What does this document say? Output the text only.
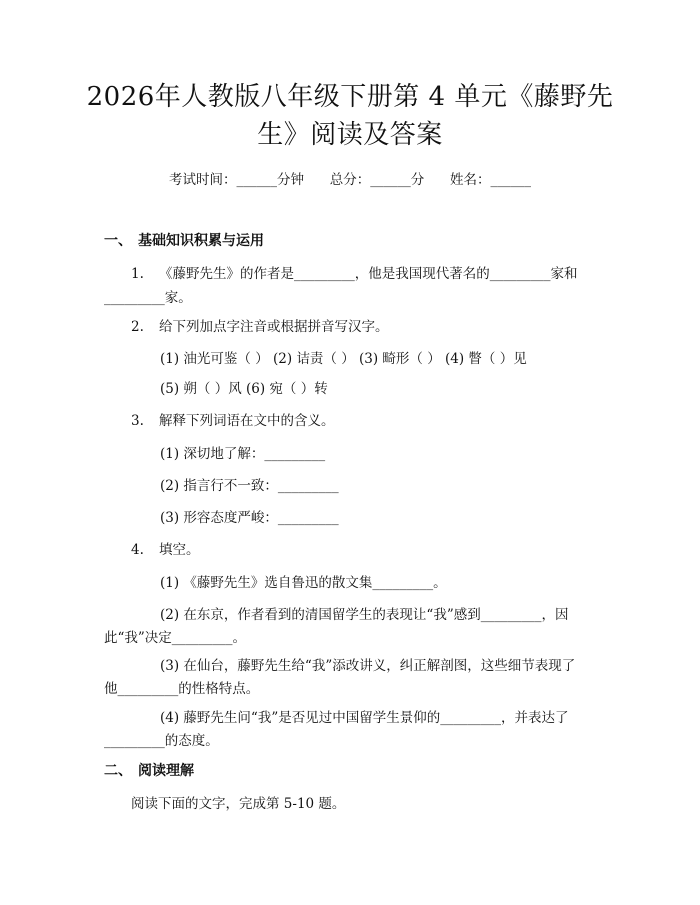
2026年人教版八年级下册第 4 单元《藤野先
生》阅读及答案
考试时间：______分钟 总分：______分 姓名：______
一、 基础知识积累与运用
1. 《藤野先生》的作者是_________，他是我国现代著名的_________家和
_________家。
2. 给下列加点字注音或根据拼音写汉字。
(1) 油光可鉴（ ） (2) 诘责（ ） (3) 畸形（ ） (4) 瞥（ ）见
(5) 朔（ ）风 (6) 宛（ ）转
3. 解释下列词语在文中的含义。
(1) 深切地了解：_________
(2) 指言行不一致：_________
(3) 形容态度严峻：_________
4. 填空。
(1) 《藤野先生》选自鲁迅的散文集_________。
(2) 在东京，作者看到的清国留学生的表现让“我”感到_________，因
此“我”决定_________。
(3) 在仙台，藤野先生给“我”添改讲义，纠正解剖图，这些细节表现了
他_________的性格特点。
(4) 藤野先生问“我”是否见过中国留学生景仰的_________，并表达了
_________的态度。
二、 阅读理解
阅读下面的文字，完成第 5-10 题。
